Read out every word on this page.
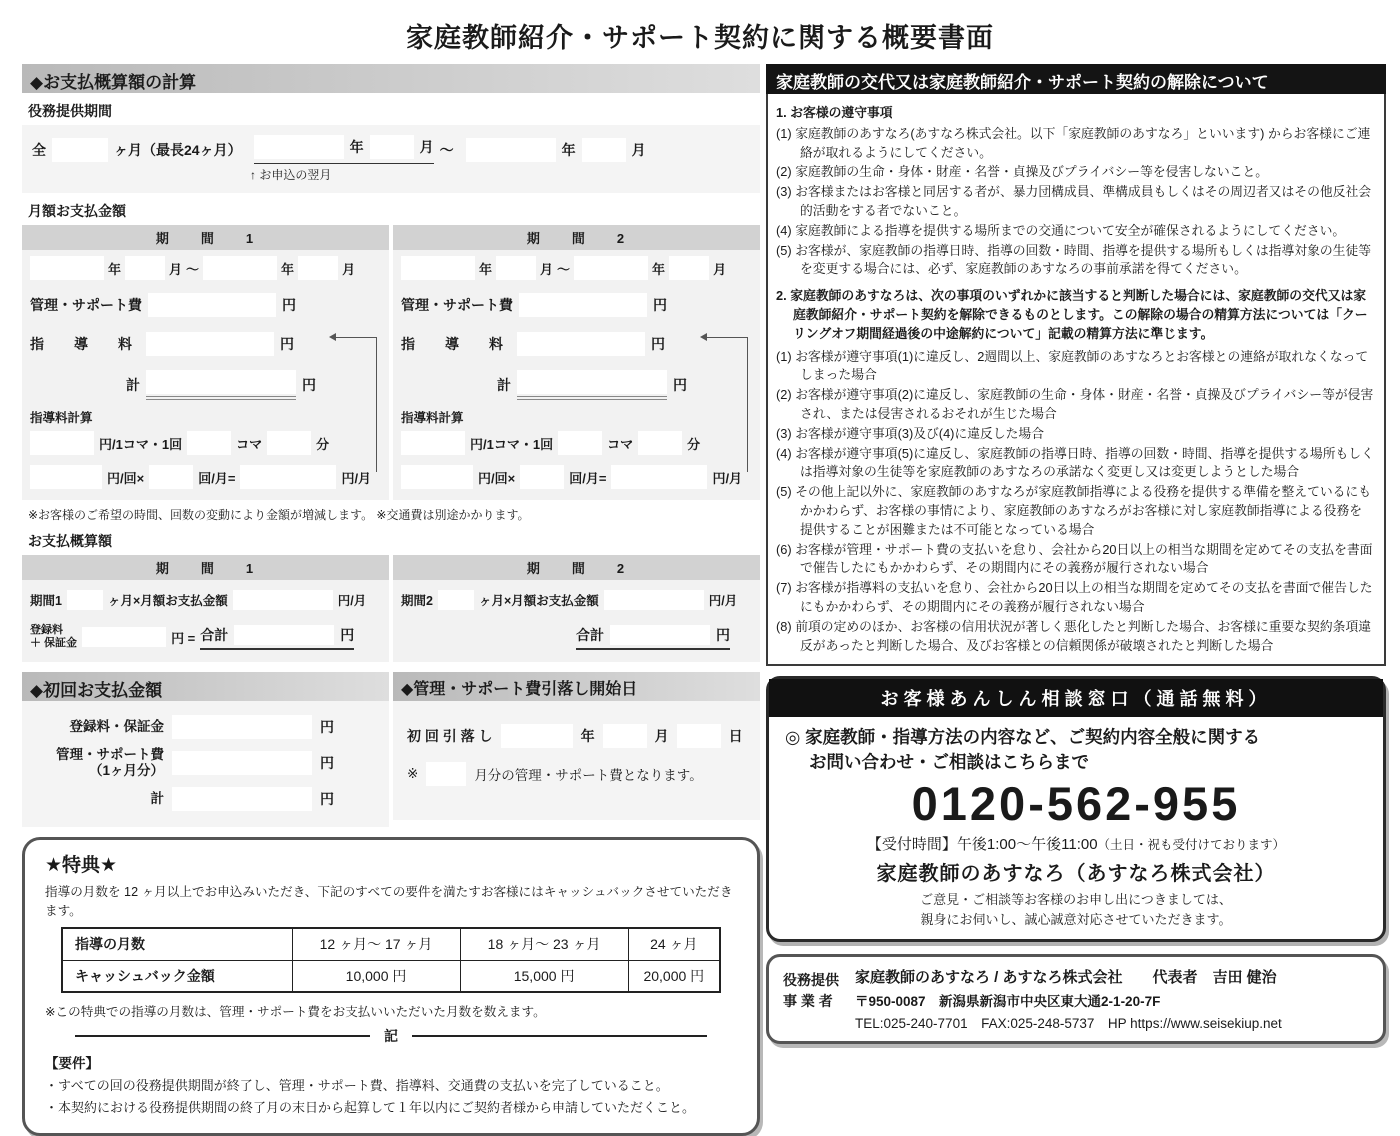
家庭教師紹介・サポート契約に関する概要書面
◆お支払概算額の計算
役務提供期間
全	ヶ月（最長24ヶ月）	年	月 ～	年	月
↑ お申込の翌月
月額お支払金額
期　　間　　1
年	月 ～	年	月
管理・サポート費	円
指　導　料	円
計	円
指導料計算
円/1コマ・1回	コマ	分
円/回×	回/月=	円/月
期　　間　　2
年	月 ～	年	月
管理・サポート費	円
指　導　料	円
計	円
指導料計算
円/1コマ・1回	コマ	分
円/回×	回/月=	円/月
※お客様のご希望の時間、回数の変動により金額が増減します。 ※交通費は別途かかります。
お支払概算額
期　　間　　1
期間1	ヶ月×月額お支払金額	円/月
登録料
＋ 保証金	円 = 合計	円
期　　間　　2
期間2	ヶ月×月額お支払金額	円/月
合計	円
◆初回お支払金額
登録料・保証金	円
管理・サポート費
（1ヶ月分）	円
計	円
◆管理・サポート費引落し開始日
初 回 引 落 し	年	月	日
※	月分の管理・サポート費となります。
★特典★
指導の月数を 12 ヶ月以上でお申込みいただき、下記のすべての要件を満たすお客様にはキャッシュバックさせていただきます。
指導の月数	12 ヶ月～ 17 ヶ月	18 ヶ月～ 23 ヶ月	24 ヶ月
キャッシュバック金額	10,000 円	15,000 円	20,000 円
※この特典での指導の月数は、管理・サポート費をお支払いいただいた月数を数えます。
記
【要件】
・すべての回の役務提供期間が終了し、管理・サポート費、指導料、交通費の支払いを完了していること。
・本契約における役務提供期間の終了月の末日から起算して１年以内にご契約者様から申請していただくこと。
家庭教師の交代又は家庭教師紹介・サポート契約の解除について
1. お客様の遵守事項
(1) 家庭教師のあすなろ(あすなろ株式会社。以下「家庭教師のあすなろ」といいます) からお客様にご連絡が取れるようにしてください。
(2) 家庭教師の生命・身体・財産・名誉・貞操及びプライバシー等を侵害しないこと。
(3) お客様またはお客様と同居する者が、暴力団構成員、準構成員もしくはその周辺者又はその他反社会的活動をする者でないこと。
(4) 家庭教師による指導を提供する場所までの交通について安全が確保されるようにしてください。
(5) お客様が、家庭教師の指導日時、指導の回数・時間、指導を提供する場所もしくは指導対象の生徒等を変更する場合には、必ず、家庭教師のあすなろの事前承諾を得てください。
2. 家庭教師のあすなろは、次の事項のいずれかに該当すると判断した場合には、家庭教師の交代又は家庭教師紹介・サポート契約を解除できるものとします。この解除の場合の精算方法については「クーリングオフ期間経過後の中途解約について」記載の精算方法に準じます。
(1) お客様が遵守事項(1)に違反し、2週間以上、家庭教師のあすなろとお客様との連絡が取れなくなってしまった場合
(2) お客様が遵守事項(2)に違反し、家庭教師の生命・身体・財産・名誉・貞操及びプライバシー等が侵害され、または侵害されるおそれが生じた場合
(3) お客様が遵守事項(3)及び(4)に違反した場合
(4) お客様が遵守事項(5)に違反し、家庭教師の指導日時、指導の回数・時間、指導を提供する場所もしくは指導対象の生徒等を家庭教師のあすなろの承諾なく変更し又は変更しようとした場合
(5) その他上記以外に、家庭教師のあすなろが家庭教師指導による役務を提供する準備を整えているにもかかわらず、お客様の事情により、家庭教師のあすなろがお客様に対し家庭教師指導による役務を提供することが困難または不可能となっている場合
(6) お客様が管理・サポート費の支払いを怠り、会社から20日以上の相当な期間を定めてその支払を書面で催告したにもかかわらず、その期間内にその義務が履行されない場合
(7) お客様が指導料の支払いを怠り、会社から20日以上の相当な期間を定めてその支払を書面で催告したにもかかわらず、その期間内にその義務が履行されない場合
(8) 前項の定めのほか、お客様の信用状況が著しく悪化したと判断した場合、お客様に重要な契約条項違反があったと判断した場合、及びお客様との信頼関係が破壊されたと判断した場合
お客様あんしん相談窓口（通話無料）
◎ 家庭教師・指導方法の内容など、ご契約内容全般に関する
お問い合わせ・ご相談はこちらまで
0120-562-955
【受付時間】午後1:00～午後11:00（土日・祝も受付けております）
家庭教師のあすなろ（あすなろ株式会社）
ご意見・ご相談等お客様のお申し出につきましては、
親身にお伺いし、誠心誠意対応させていただきます。
役務提供
事 業 者
家庭教師のあすなろ / あすなろ株式会社　　代表者　吉田 健治
〒950-0087　新潟県新潟市中央区東大通2-1-20-7F
TEL:025-240-7701　FAX:025-248-5737　HP https://www.seisekiup.net
